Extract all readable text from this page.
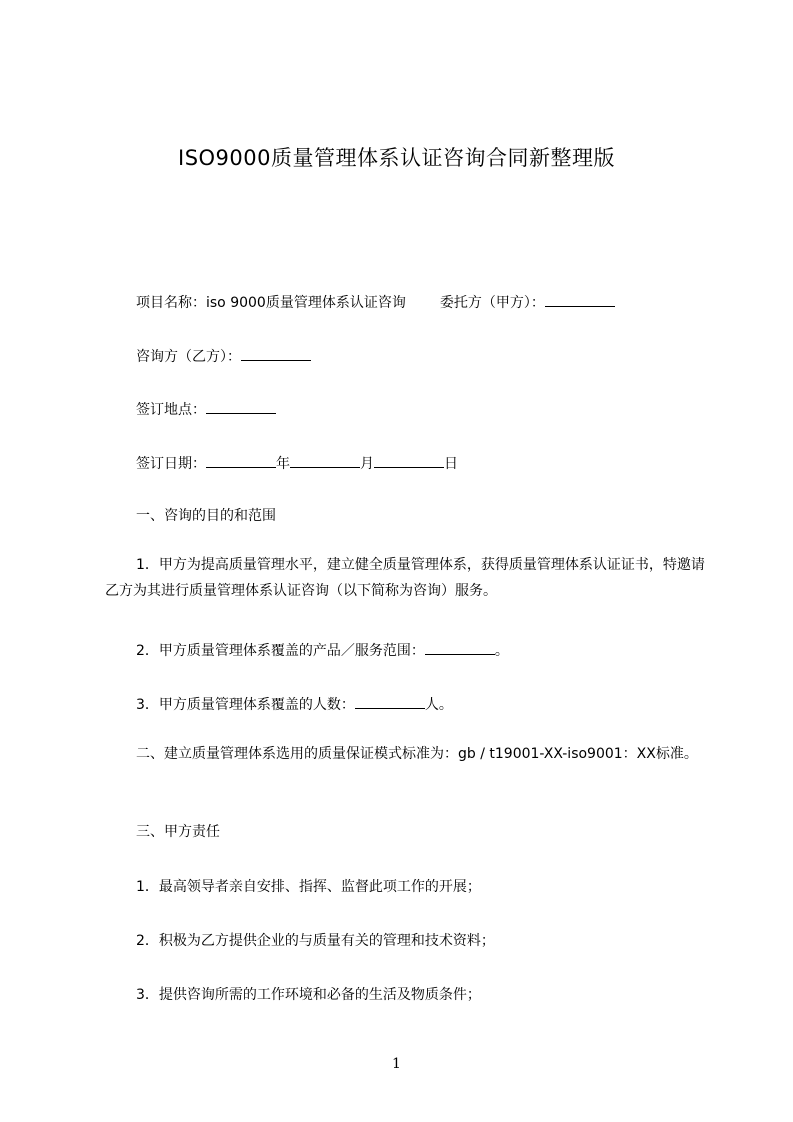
ISO9000质量管理体系认证咨询合同新整理版
项目名称：iso 9000质量管理体系认证咨询 委托方（甲方）：
咨询方（乙方）：
签订地点：
签订日期：	年	月	日
一、咨询的目的和范围
1．甲方为提高质量管理水平，建立健全质量管理体系，获得质量管理体系认证证书，特邀请乙方为其进行质量管理体系认证咨询（以下简称为咨询）服务。
2．甲方质量管理体系覆盖的产品／服务范围：	。
3．甲方质量管理体系覆盖的人数：	人。
二、建立质量管理体系选用的质量保证模式标准为：gb / t19001-XX-iso9001：XX标准。
三、甲方责任
1．最高领导者亲自安排、指挥、监督此项工作的开展；
2．积极为乙方提供企业的与质量有关的管理和技术资料；
3．提供咨询所需的工作环境和必备的生活及物质条件；
1
